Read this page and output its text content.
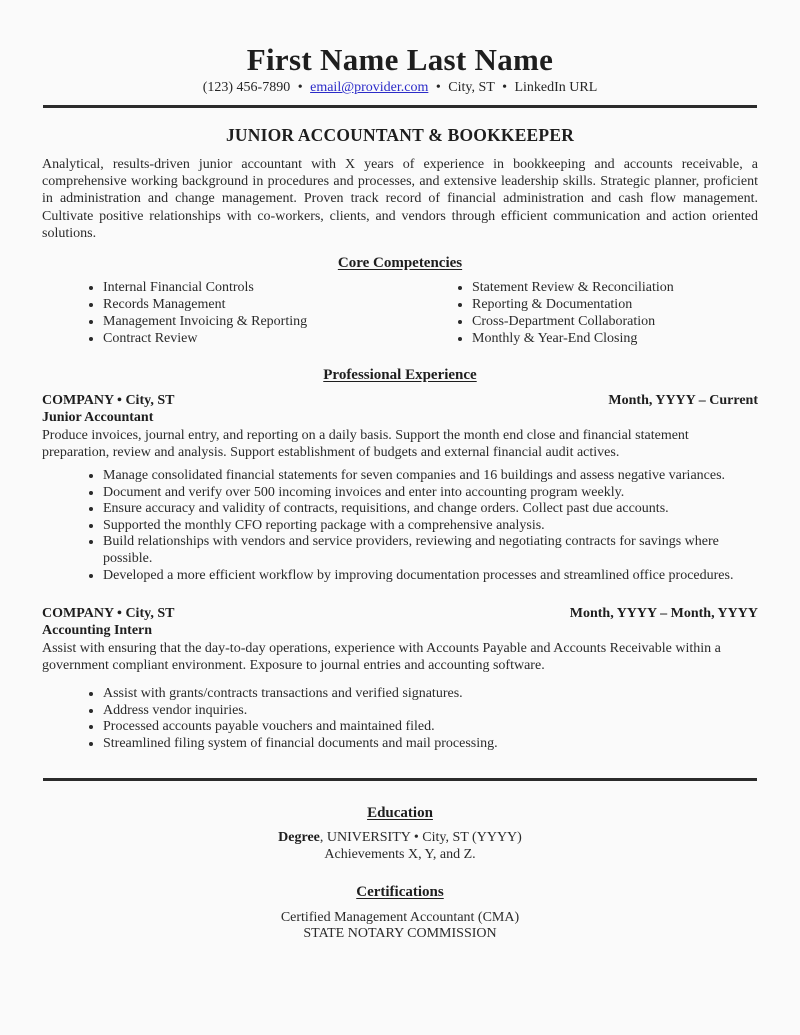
First Name Last Name
(123) 456-7890 • email@provider.com • City, ST • LinkedIn URL
JUNIOR ACCOUNTANT & BOOKKEEPER

Analytical, results-driven junior accountant with X years of experience in bookkeeping and accounts receivable, a comprehensive working background in procedures and processes, and extensive leadership skills. Strategic planner, proficient in administration and change management. Proven track record of financial administration and cash flow management. Cultivate positive relationships with co-workers, clients, and vendors through efficient communication and action oriented solutions.

Core Competencies
• Internal Financial Controls
• Records Management
• Management Invoicing & Reporting
• Contract Review
• Statement Review & Reconciliation
• Reporting & Documentation
• Cross-Department Collaboration
• Monthly & Year-End Closing
Professional Experience
COMPANY • City, ST	Month, YYYY – Current
Junior Accountant

Produce invoices, journal entry, and reporting on a daily basis. Support the month end close and financial statement preparation, review and analysis. Support establishment of budgets and external financial audit actives.

• Manage consolidated financial statements for seven companies and 16 buildings and assess negative variances.
• Document and verify over 500 incoming invoices and enter into accounting program weekly.
• Ensure accuracy and validity of contracts, requisitions, and change orders. Collect past due accounts.
• Supported the monthly CFO reporting package with a comprehensive analysis.
• Build relationships with vendors and service providers, reviewing and negotiating contracts for savings where possible.
• Developed a more efficient workflow by improving documentation processes and streamlined office procedures.
COMPANY • City, ST	Month, YYYY – Month, YYYY
Accounting Intern

Assist with ensuring that the day-to-day operations, experience with Accounts Payable and Accounts Receivable within a government compliant environment. Exposure to journal entries and accounting software.

• Assist with grants/contracts transactions and verified signatures.
• Address vendor inquiries.
• Processed accounts payable vouchers and maintained filed.
• Streamlined filing system of financial documents and mail processing.
Education
Degree, UNIVERSITY • City, ST (YYYY)
Achievements X, Y, and Z.
Certifications
Certified Management Accountant (CMA)
STATE NOTARY COMMISSION
